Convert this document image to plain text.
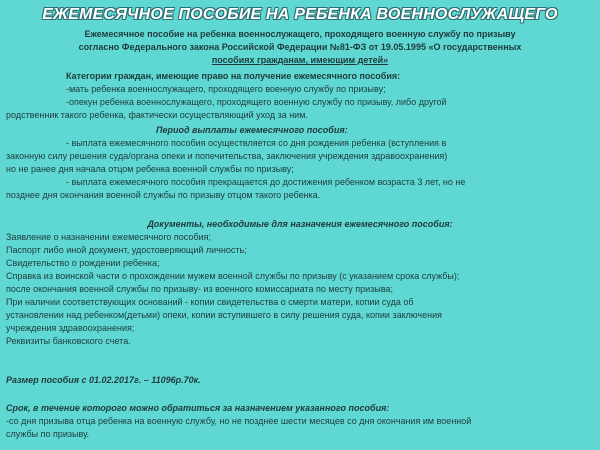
ЕЖЕМЕСЯЧНОЕ ПОСОБИЕ НА РЕБЕНКА ВОЕННОСЛУЖАЩЕГО
Ежемесячное пособие на ребенка военнослужащего, проходящего военную службу по призыву
согласно Федерального закона Российской Федерации №81-ФЗ от 19.05.1995 «О государственных
пособиях гражданам, имеющим детей»
Категории граждан, имеющие право на получение ежемесячного пособия:
-мать ребенка военнослужащего, проходящего военную службу по призыву;
-опекун ребенка военнослужащего, проходящего военную службу по призыву, либо другой
родственник такого ребенка, фактически осуществляющий уход за ним.
Период выплаты ежемесячного пособия:
- выплата ежемесячного пособия осуществляется со дня рождения ребенка (вступления в
законную силу решения суда/органа опеки и попечительства, заключения учреждения здравоохранения)
но не ранее дня начала отцом ребенка военной службы по призыву;
- выплата ежемесячного пособия прекращается до достижения ребенком возраста 3 лет, но не
позднее дня окончания военной службы по призыву отцом такого ребенка.
Документы, необходимые для назначения ежемесячного пособия:
Заявление о назначении ежемесячного пособия;
Паспорт либо иной документ, удостоверяющий личность;
Свидетельство о рождении ребенка;
Справка из воинской части о прохождении мужем военной службы по призыву (с указанием срока службы);
после окончания военной службы по призыву- из военного комиссариата по месту призыва;
При наличии соответствующих оснований - копии свидетельства о смерти матери, копии суда об
установлении над ребенком(детьми) опеки, копии вступившего в силу решения суда, копии заключения
учреждения здравоохранения;
Реквизиты банковского счета.
Размер пособия с 01.02.2017г. – 11096р.70к.
Срок, в течение которого можно обратиться за назначением указанного пособия:
-со дня призыва отца ребенка на военную службу, но не позднее шести месяцев со дня окончания им военной
службы по призыву.
